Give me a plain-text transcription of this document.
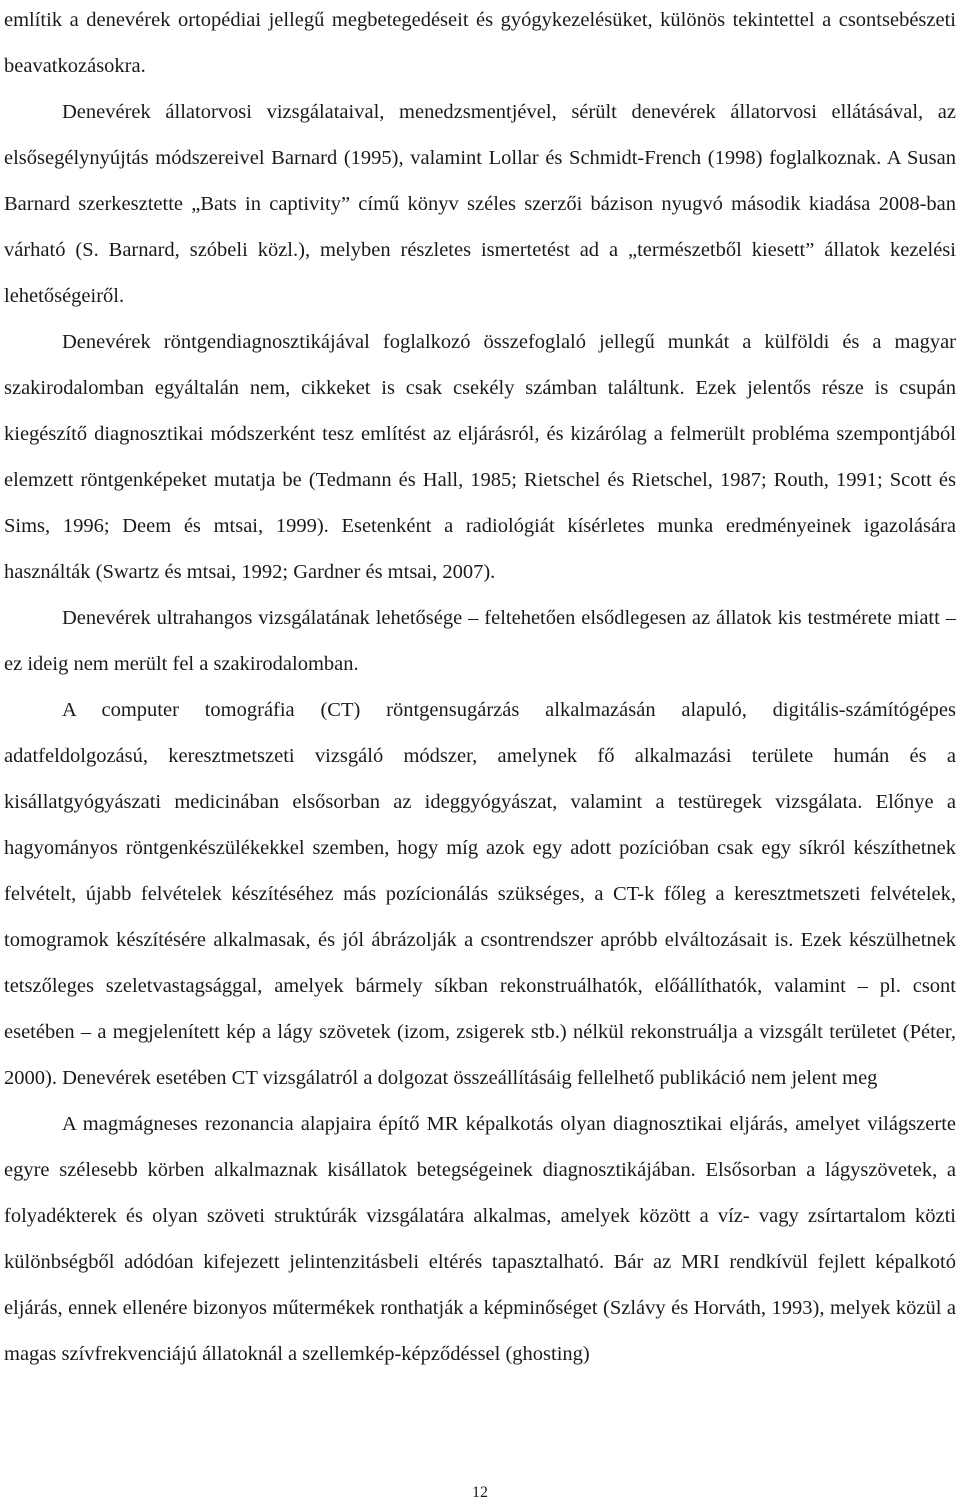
említik a denevérek ortopédiai jellegű megbetegedéseit és gyógykezelésüket, különös tekintettel a csontsebészeti beavatkozásokra.

Denevérek állatorvosi vizsgálataival, menedzsmentjével, sérült denevérek állatorvosi ellátásával, az elsősegélynyújtás módszereivel Barnard (1995), valamint Lollar és Schmidt-French (1998) foglalkoznak. A Susan Barnard szerkesztette „Bats in captivity” című könyv széles szerzői bázison nyugvó második kiadása 2008-ban várható (S. Barnard, szóbeli közl.), melyben részletes ismertetést ad a „természetből kiesett” állatok kezelési lehetőségeiről.

Denevérek röntgendiagnosztikájával foglalkozó összefoglaló jellegű munkát a külföldi és a magyar szakirodalomban egyáltalán nem, cikkeket is csak csekély számban találtunk. Ezek jelentős része is csupán kiegészítő diagnosztikai módszerként tesz említést az eljárásról, és kizárólag a felmerült probléma szempontjából elemzett röntgenképeket mutatja be (Tedmann és Hall, 1985; Rietschel és Rietschel, 1987; Routh, 1991; Scott és Sims, 1996; Deem és mtsai, 1999). Esetenként a radiológiát kísérletes munka eredményeinek igazolására használták (Swartz és mtsai, 1992; Gardner és mtsai, 2007).

Denevérek ultrahangos vizsgálatának lehetősége – feltehetően elsődlegesen az állatok kis testmérete miatt – ez ideig nem merült fel a szakirodalomban.

A computer tomográfia (CT) röntgensugárzás alkalmazásán alapuló, digitális-számítógépes adatfeldolgozású, keresztmetszeti vizsgáló módszer, amelynek fő alkalmazási területe humán és a kisállatgyógyászati medicinában elsősorban az ideggyógyászat, valamint a testüregek vizsgálata. Előnye a hagyományos röntgenkészülékekkel szemben, hogy míg azok egy adott pozícióban csak egy síkról készíthetnek felvételt, újabb felvételek készítéséhez más pozícionálás szükséges, a CT-k főleg a keresztmetszeti felvételek, tomogramok készítésére alkalmasak, és jól ábrázolják a csontrendszer apróbb elváltozásait is. Ezek készülhetnek tetszőleges szeletvastagsággal, amelyek bármely síkban rekonstruálhatók, előállíthatók, valamint – pl. csont esetében – a megjelenített kép a lágy szövetek (izom, zsigerek stb.) nélkül rekonstruálja a vizsgált területet (Péter, 2000). Denevérek esetében CT vizsgálatról a dolgozat összeállításáig fellelhető publikáció nem jelent meg

A magmágneses rezonancia alapjaira építő MR képalkotás olyan diagnosztikai eljárás, amelyet világszerte egyre szélesebb körben alkalmaznak kisállatok betegségeinek diagnosztikájában. Elsősorban a lágyszövetek, a folyadékterek és olyan szöveti struktúrák vizsgálatára alkalmas, amelyek között a víz- vagy zsírtartalom közti különbségből adódóan kifejezett jelintenzitásbeli eltérés tapasztalható. Bár az MRI rendkívül fejlett képalkotó eljárás, ennek ellenére bizonyos műtermékek ronthatják a képminőséget (Szlávy és Horváth, 1993), melyek közül a magas szívfrekvenciájú állatoknál a szellemkép-képződéssel (ghosting)

12
